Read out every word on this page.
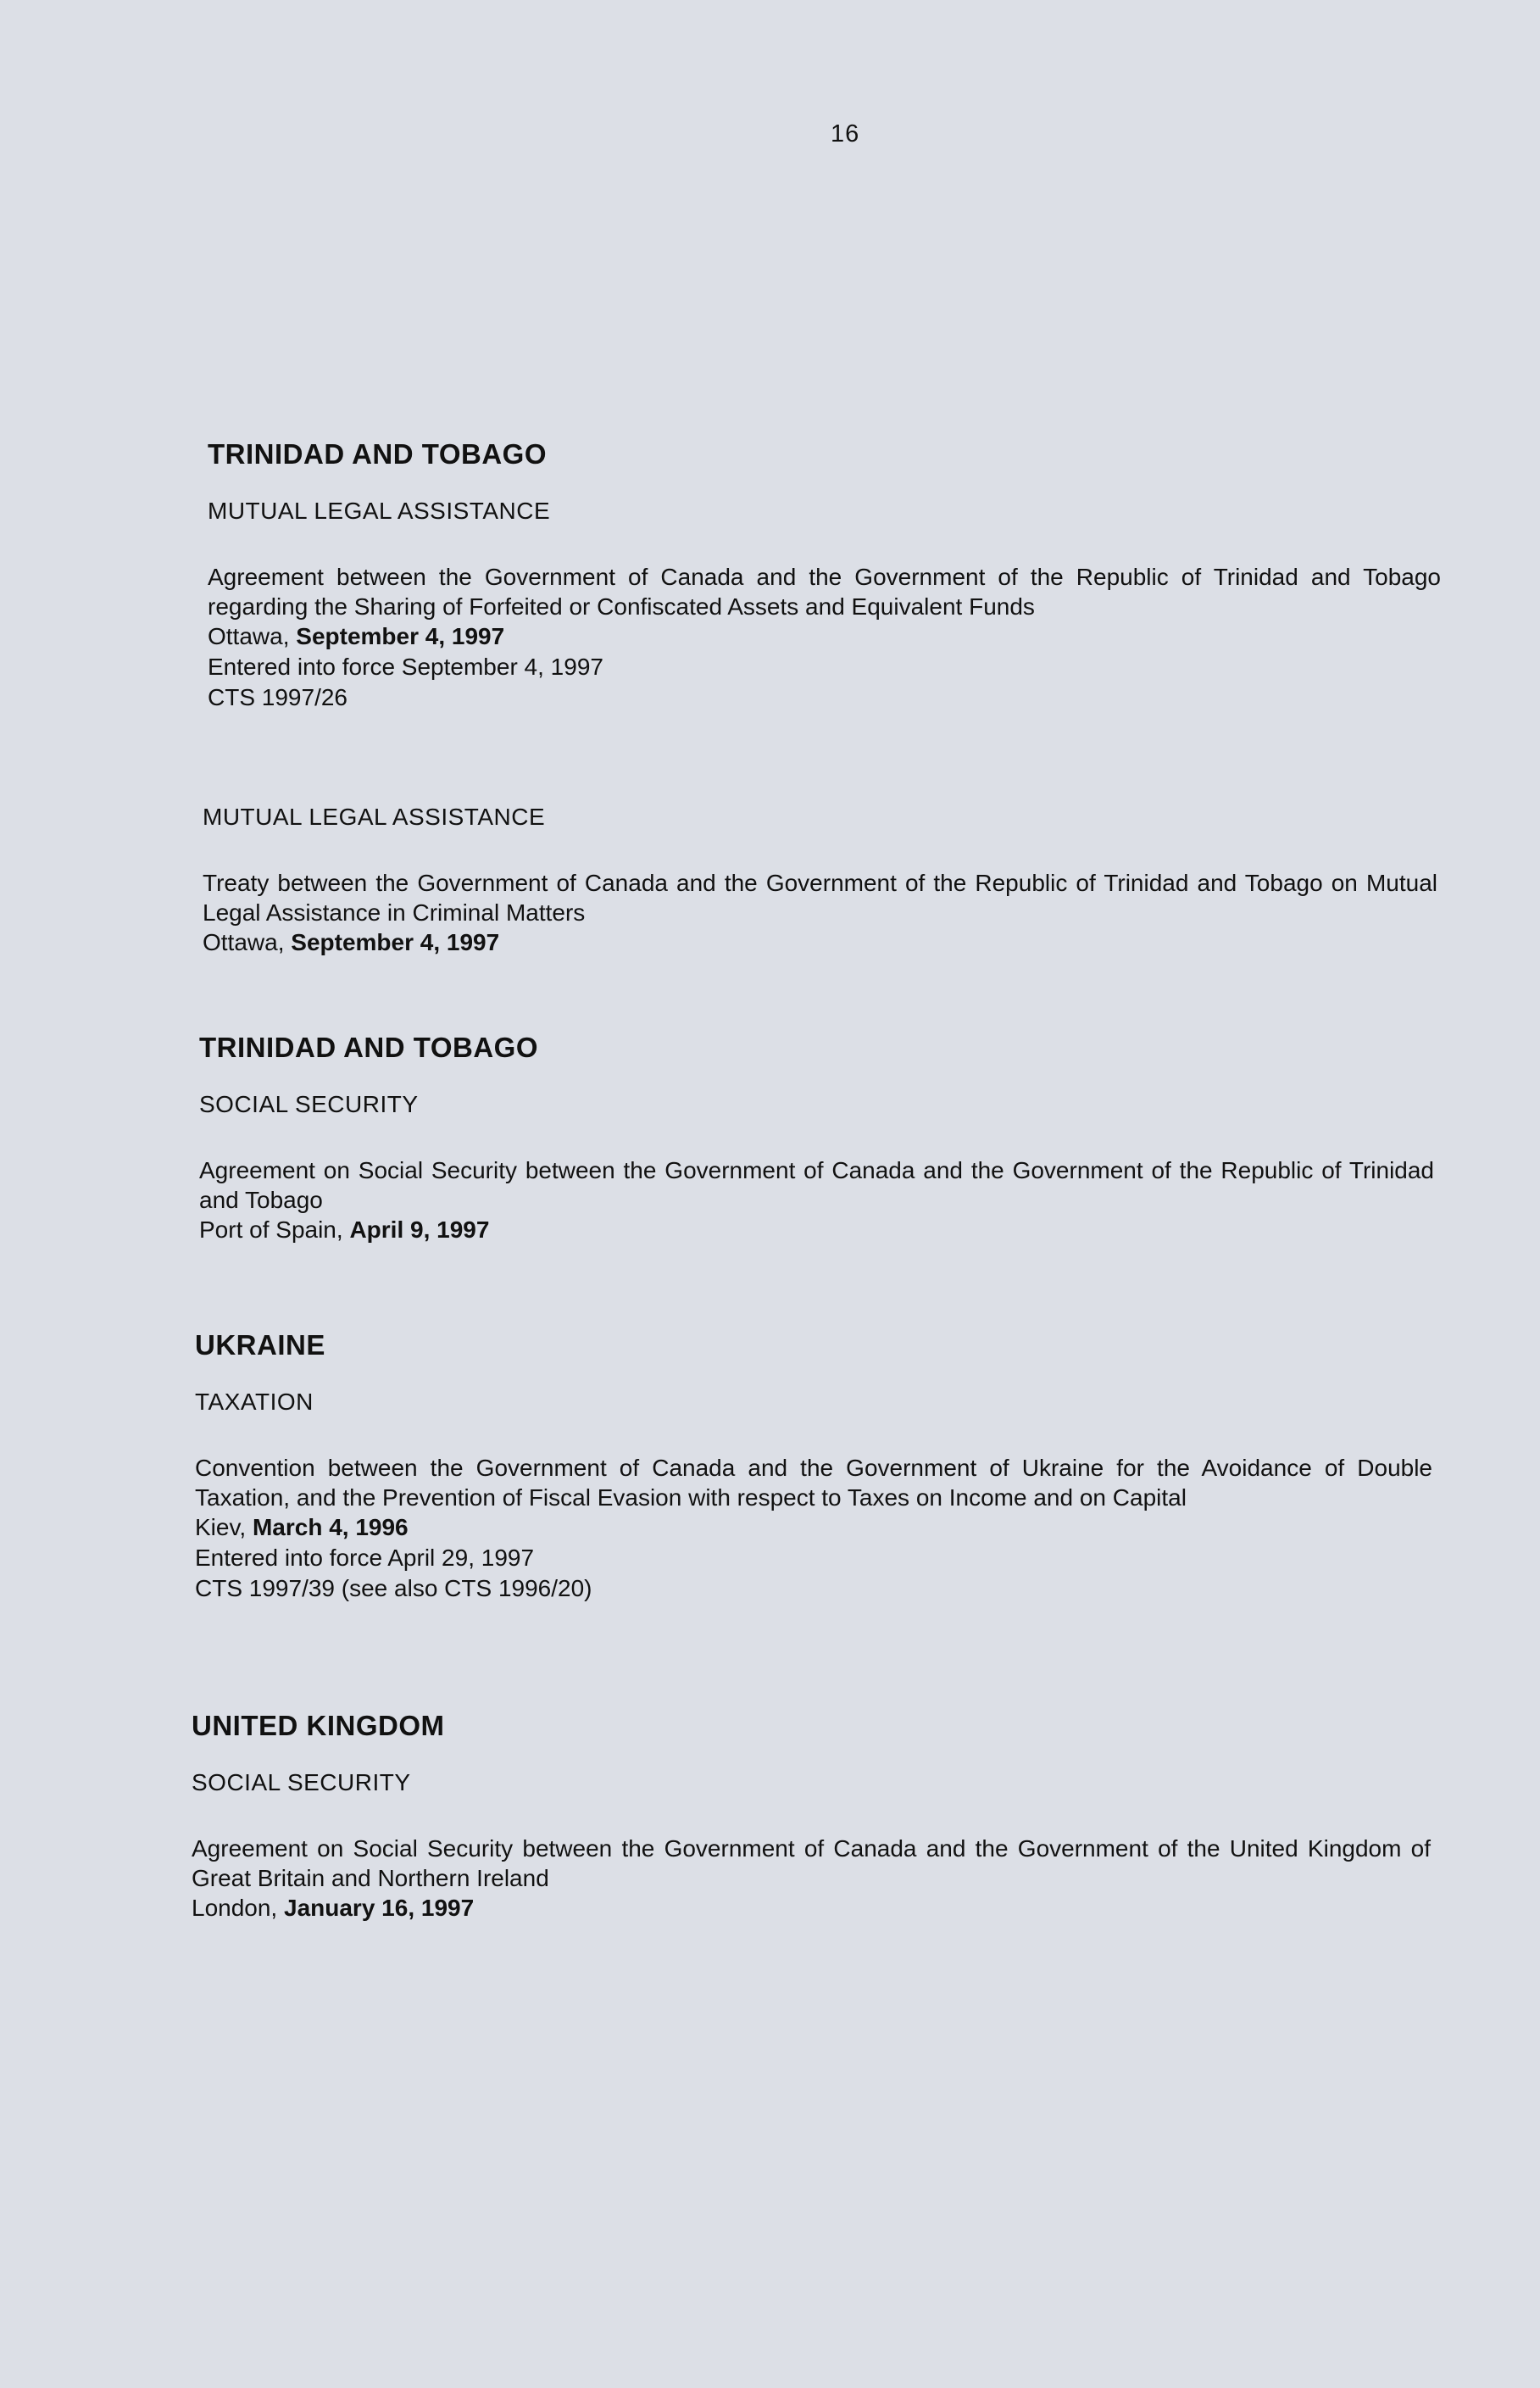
16
TRINIDAD AND TOBAGO
MUTUAL LEGAL ASSISTANCE

Agreement between the Government of Canada and the Government of the Republic of Trinidad and Tobago regarding the Sharing of Forfeited or Confiscated Assets and Equivalent Funds

Ottawa, September 4, 1997

Entered into force September 4, 1997

CTS 1997/26

MUTUAL LEGAL ASSISTANCE

Treaty between the Government of Canada and the Government of the Republic of Trinidad and Tobago on Mutual Legal Assistance in Criminal Matters

Ottawa, September 4, 1997

TRINIDAD AND TOBAGO
SOCIAL SECURITY

Agreement on Social Security between the Government of Canada and the Government of the Republic of Trinidad and Tobago

Port of Spain, April 9, 1997

UKRAINE
TAXATION

Convention between the Government of Canada and the Government of Ukraine for the Avoidance of Double Taxation, and the Prevention of Fiscal Evasion with respect to Taxes on Income and on Capital

Kiev, March 4, 1996

Entered into force April 29, 1997

CTS 1997/39 (see also CTS 1996/20)

UNITED KINGDOM
SOCIAL SECURITY

Agreement on Social Security between the Government of Canada and the Government of the United Kingdom of Great Britain and Northern Ireland

London, January 16, 1997
